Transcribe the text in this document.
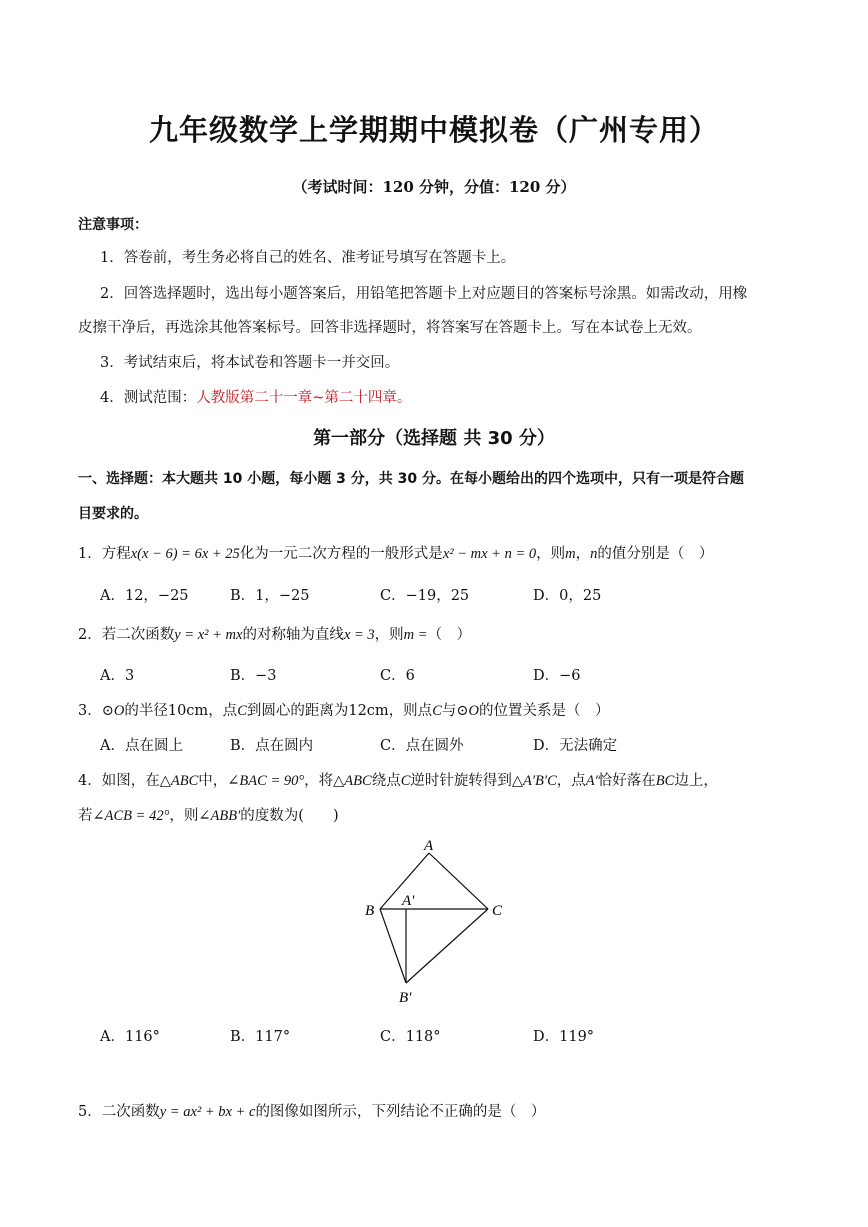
九年级数学上学期期中模拟卷（广州专用）
（考试时间：120 分钟，分值：120 分）
注意事项：
1．答卷前，考生务必将自己的姓名、准考证号填写在答题卡上。
2．回答选择题时，选出每小题答案后，用铅笔把答题卡上对应题目的答案标号涂黑。如需改动，用橡
皮擦干净后，再选涂其他答案标号。回答非选择题时，将答案写在答题卡上。写在本试卷上无效。
3．考试结束后，将本试卷和答题卡一并交回。
4．测试范围：人教版第二十一章~第二十四章。
第一部分（选择题 共 30 分）
一、选择题：本大题共 10 小题，每小题 3 分，共 30 分。在每小题给出的四个选项中，只有一项是符合题
目要求的。
1．方程x(x − 6) = 6x + 25化为一元二次方程的一般形式是x² − mx + n = 0，则m，n的值分别是（　）
A．12，−25	B．1，−25	C．−19，25	D．0，25
2．若二次函数y = x² + mx的对称轴为直线x = 3，则m =（　）
A．3	B．−3	C．6	D．−6
3．⊙O的半径10cm，点C到圆心的距离为12cm，则点C与⊙O的位置关系是（　）
A．点在圆上	B．点在圆内	C．点在圆外	D．无法确定
4．如图，在△ABC中，∠BAC = 90°，将△ABC绕点C逆时针旋转得到△A′B′C，点A′恰好落在BC边上，
若∠ACB = 42°，则∠ABB′的度数为(　　)
A
B	C
A′
B′
A．116°	B．117°	C．118°	D．119°
5．二次函数y = ax² + bx + c的图像如图所示，下列结论不正确的是（　）
